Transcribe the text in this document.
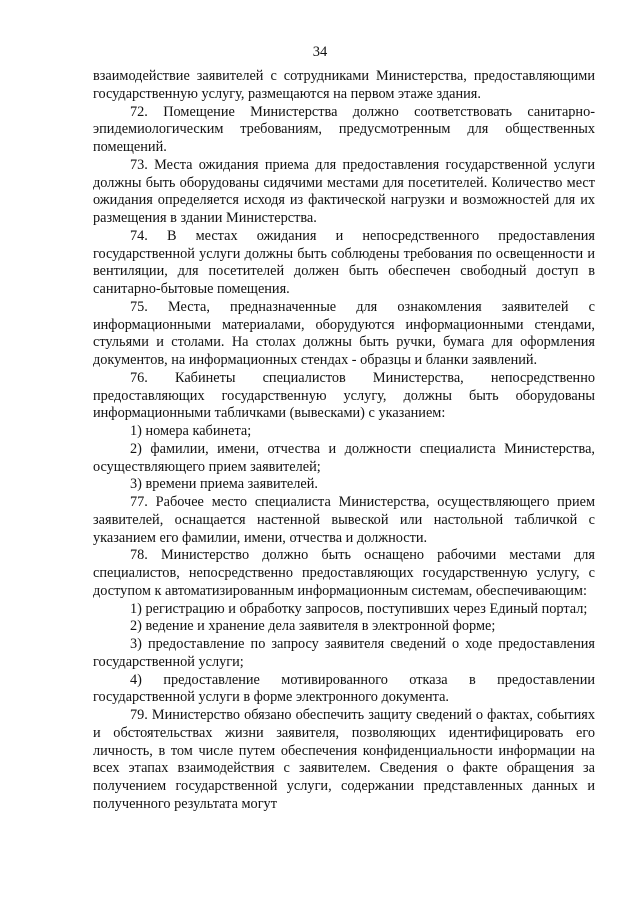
34

взаимодействие заявителей с сотрудниками Министерства, предоставляющими государственную услугу, размещаются на первом этаже здания.

72. Помещение Министерства должно соответствовать санитарно-эпидемиологическим требованиям, предусмотренным для общественных помещений.

73. Места ожидания приема для предоставления государственной услуги должны быть оборудованы сидячими местами для посетителей. Количество мест ожидания определяется исходя из фактической нагрузки и возможностей для их размещения в здании Министерства.

74. В местах ожидания и непосредственного предоставления государственной услуги должны быть соблюдены требования по освещенности и вентиляции, для посетителей должен быть обеспечен свободный доступ в санитарно-бытовые помещения.

75. Места, предназначенные для ознакомления заявителей с информационными материалами, оборудуются информационными стендами, стульями и столами. На столах должны быть ручки, бумага для оформления документов, на информационных стендах - образцы и бланки заявлений.

76. Кабинеты специалистов Министерства, непосредственно предоставляющих государственную услугу, должны быть оборудованы информационными табличками (вывесками) с указанием:

1) номера кабинета;

2) фамилии, имени, отчества и должности специалиста Министерства, осуществляющего прием заявителей;

3) времени приема заявителей.

77. Рабочее место специалиста Министерства, осуществляющего прием заявителей, оснащается настенной вывеской или настольной табличкой с указанием его фамилии, имени, отчества и должности.

78. Министерство должно быть оснащено рабочими местами для специалистов, непосредственно предоставляющих государственную услугу, с доступом к автоматизированным информационным системам, обеспечивающим:

1) регистрацию и обработку запросов, поступивших через Единый портал;

2) ведение и хранение дела заявителя в электронной форме;

3) предоставление по запросу заявителя сведений о ходе предоставления государственной услуги;

4) предоставление мотивированного отказа в предоставлении государственной услуги в форме электронного документа.

79. Министерство обязано обеспечить защиту сведений о фактах, событиях и обстоятельствах жизни заявителя, позволяющих идентифицировать его личность, в том числе путем обеспечения конфиденциальности информации на всех этапах взаимодействия с заявителем. Сведения о факте обращения за получением государственной услуги, содержании представленных данных и полученного результата могут
